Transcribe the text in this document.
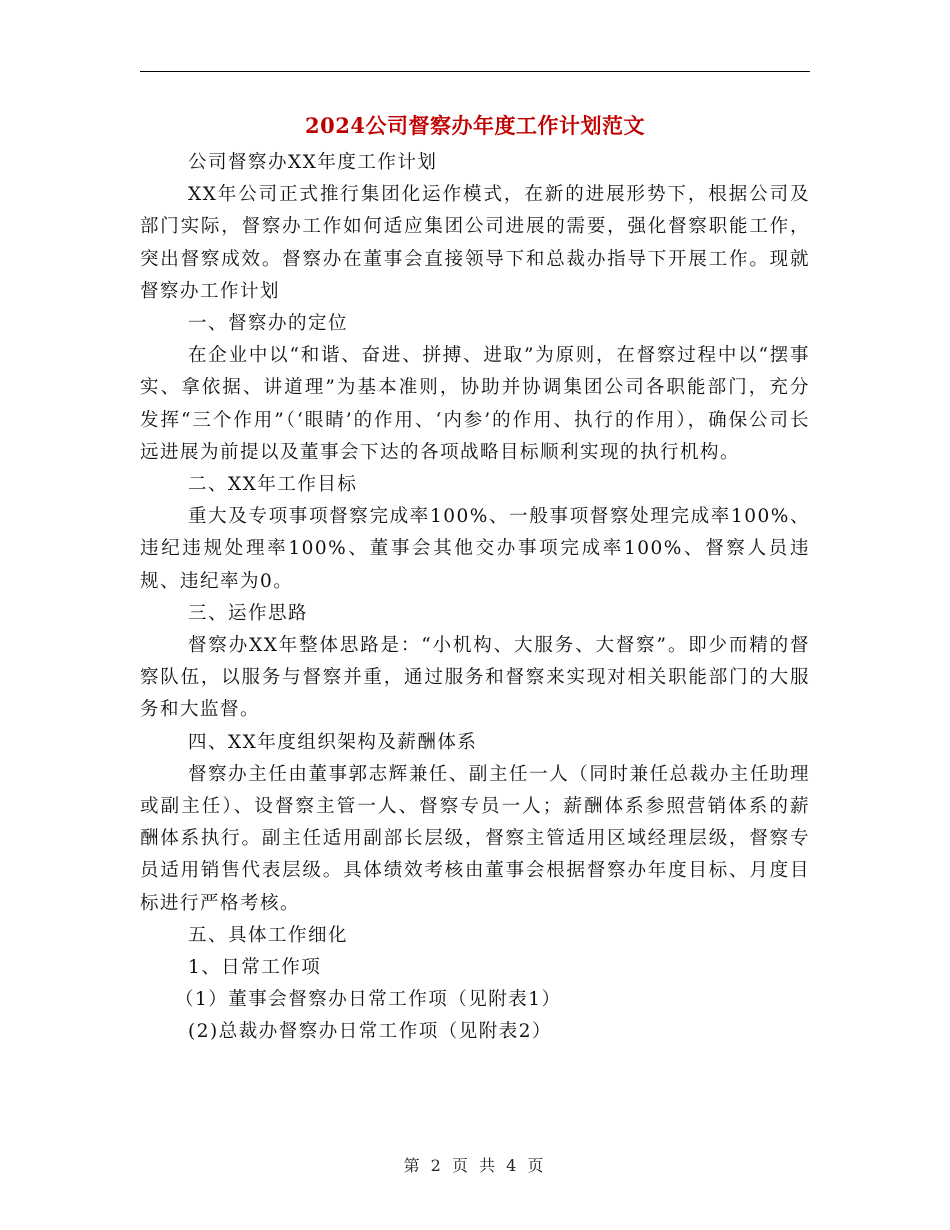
2024公司督察办年度工作计划范文

公司督察办XX年度工作计划

XX年公司正式推行集团化运作模式，在新的进展形势下，根据公司及部门实际，督察办工作如何适应集团公司进展的需要，强化督察职能工作，突出督察成效。督察办在董事会直接领导下和总裁办指导下开展工作。现就督察办工作计划

一、督察办的定位

在企业中以“和谐、奋进、拼搏、进取”为原则，在督察过程中以“摆事实、拿依据、讲道理”为基本准则，协助并协调集团公司各职能部门，充分发挥“三个作用”（‘眼睛’的作用、‘内参’的作用、执行的作用），确保公司长远进展为前提以及董事会下达的各项战略目标顺利实现的执行机构。

二、XX年工作目标

重大及专项事项督察完成率100%、一般事项督察处理完成率100%、违纪违规处理率100%、董事会其他交办事项完成率100%、督察人员违规、违纪率为0。

三、运作思路

督察办XX年整体思路是：“小机构、大服务、大督察”。即少而精的督察队伍，以服务与督察并重，通过服务和督察来实现对相关职能部门的大服务和大监督。

四、XX年度组织架构及薪酬体系

督察办主任由董事郭志辉兼任、副主任一人（同时兼任总裁办主任助理或副主任）、设督察主管一人、督察专员一人；薪酬体系参照营销体系的薪酬体系执行。副主任适用副部长层级，督察主管适用区域经理层级，督察专员适用销售代表层级。具体绩效考核由董事会根据督察办年度目标、月度目标进行严格考核。

五、具体工作细化

1、日常工作项

（1）董事会督察办日常工作项（见附表1）

(2)总裁办督察办日常工作项（见附表2）

第 2 页 共 4 页
